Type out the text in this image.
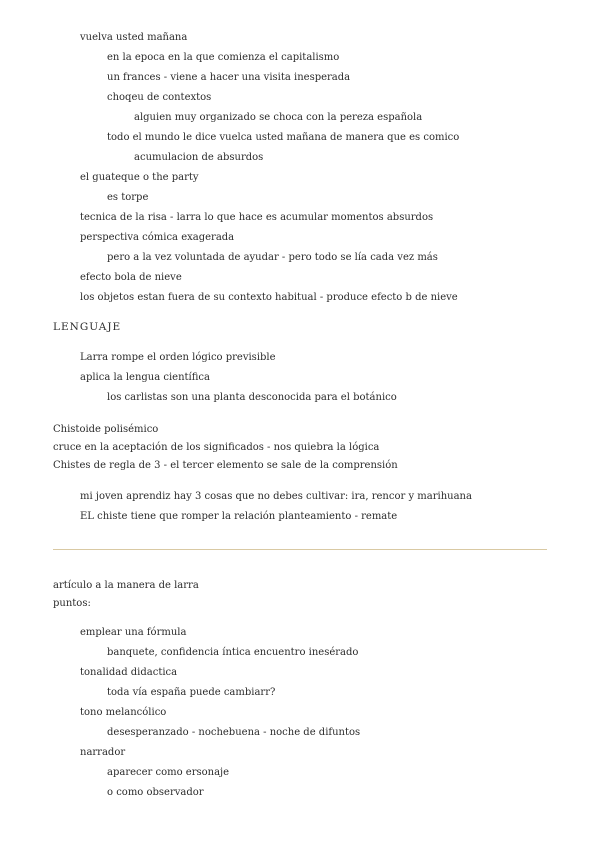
vuelva usted mañana
en la epoca en la que comienza el capitalismo
un frances - viene a hacer una visita inesperada
choqeu de contextos
alguien muy organizado se choca con la pereza española
todo el mundo le dice vuelca usted mañana de manera que es comico
acumulacion de absurdos
el guateque o the party
es torpe
tecnica de la risa - larra lo que hace es acumular momentos absurdos
perspectiva cómica exagerada
pero a la vez voluntada de ayudar - pero todo se lía cada vez más
efecto bola de nieve
los objetos estan fuera de su contexto habitual - produce efecto b de nieve
LENGUAJE
Larra rompe el orden lógico previsible
aplica la lengua científica
los carlistas son una planta desconocida para el botánico
Chistoide polisémico
cruce en la aceptación de los significados - nos quiebra la lógica
Chistes de regla de 3 - el tercer elemento se sale de la comprensión
mi joven aprendiz hay 3 cosas que no debes cultivar: ira, rencor y marihuana
EL chiste tiene que romper la relación planteamiento - remate
artículo a la manera de larra
puntos:
emplear una fórmula
banquete, confidencia íntica encuentro inesérado
tonalidad didactica
toda vía españa puede cambiarr?
tono melancólico
desesperanzado - nochebuena - noche de difuntos
narrador
aparecer como ersonaje
o como observador
